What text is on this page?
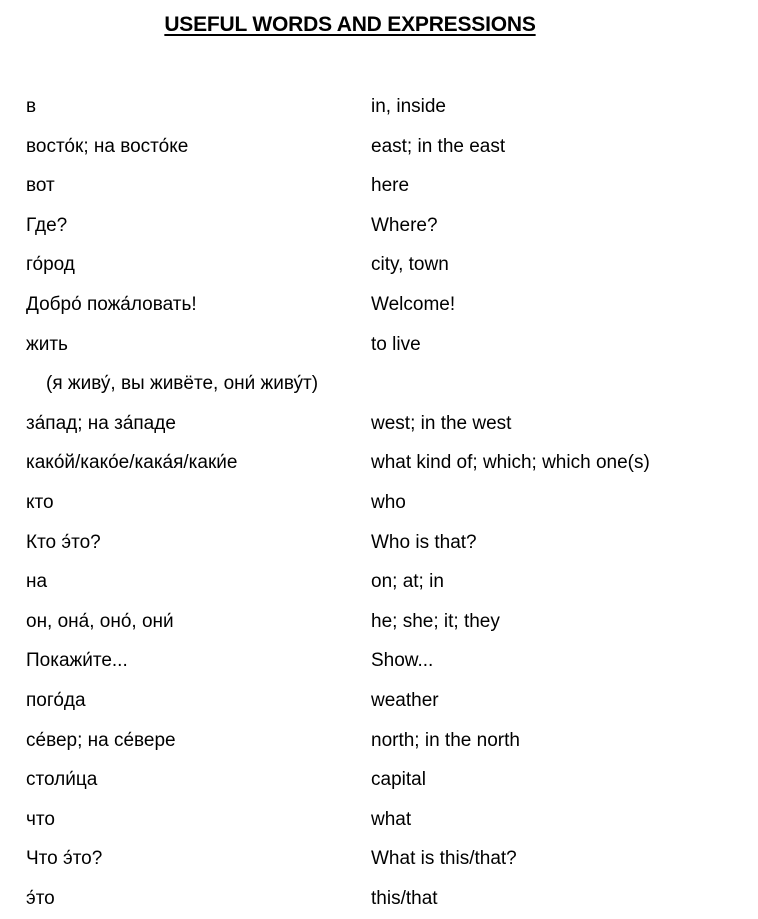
USEFUL WORDS AND EXPRESSIONS
в	in, inside
восто́к; на восто́ке	east; in the east
вот	here
Где?	Where?
го́род	city, town
Добро́ пожа́ловать!	Welcome!
жить	to live
(я живу́, вы живёте, они́ живу́т)
за́пад; на за́паде	west; in the west
како́й/како́е/кака́я/каки́е	what kind of; which; which one(s)
кто	who
Кто э́то?	Who is that?
на	on; at; in
он, она́, оно́, они́	he; she; it; they
Покажи́те...	Show...
пого́да	weather
се́вер; на се́вере	north; in the north
столи́ца	capital
что	what
Что э́то?	What is this/that?
э́то	this/that
